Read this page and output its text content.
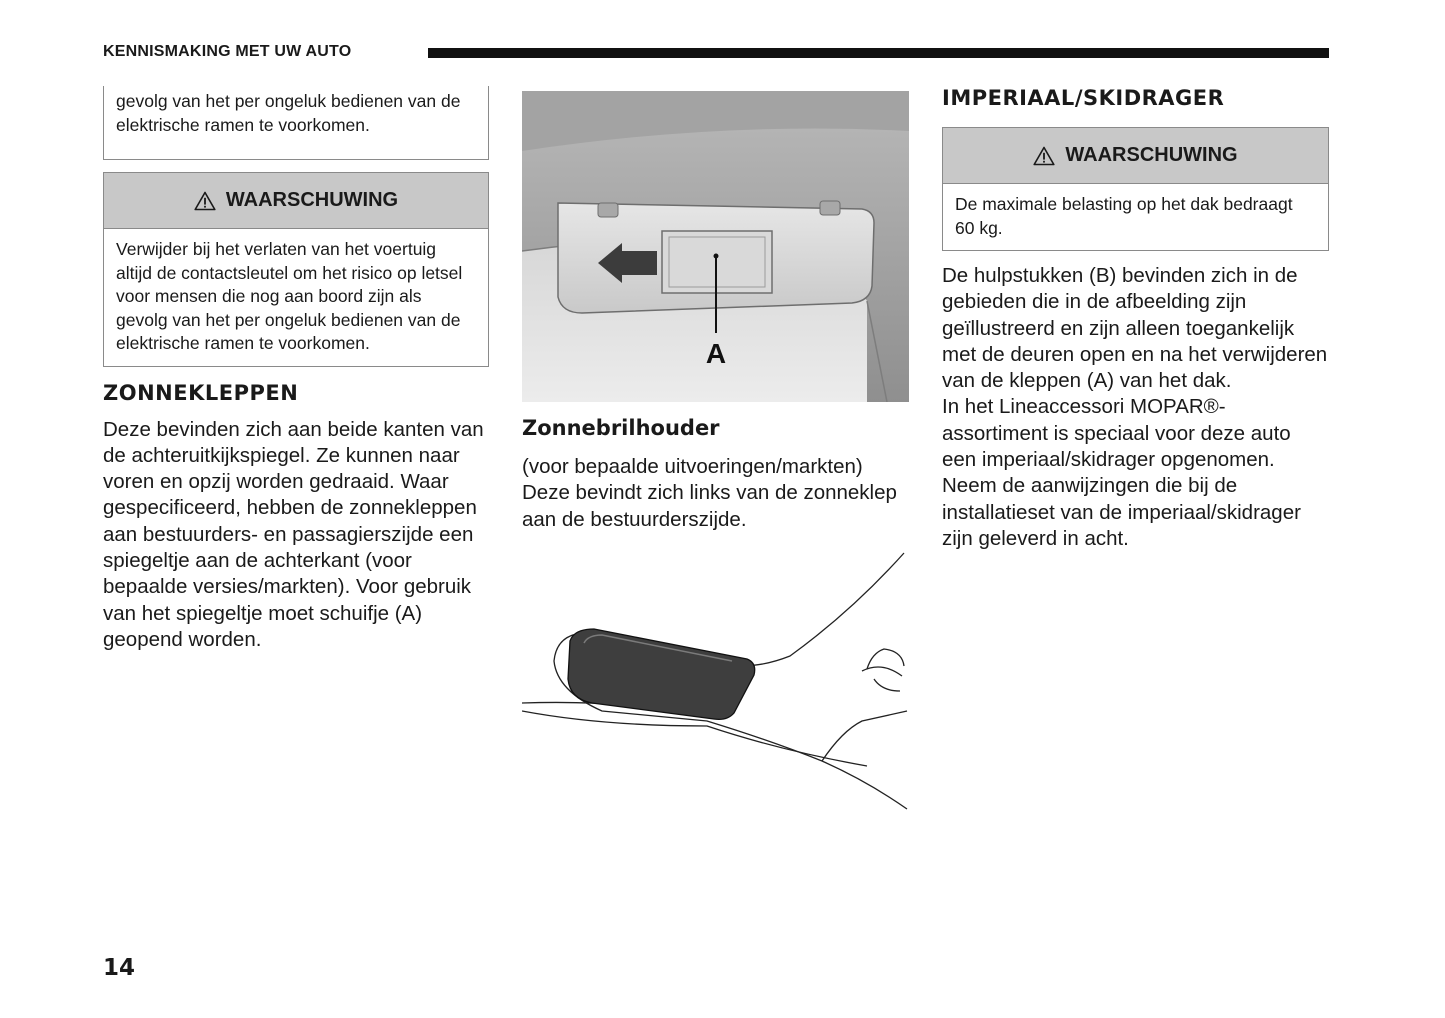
KENNISMAKING MET UW AUTO
gevolg van het per ongeluk bedienen van de elektrische ramen te voorkomen.
WAARSCHUWING
Verwijder bij het verlaten van het voertuig altijd de contactsleutel om het risico op letsel voor mensen die nog aan boord zijn als gevolg van het per ongeluk bedienen van de elektrische ramen te voorkomen.
ZONNEKLEPPEN
Deze bevinden zich aan beide kanten van de achteruitkijkspiegel. Ze kunnen naar voren en opzij worden gedraaid. Waar gespecificeerd, hebben de zonnekleppen aan bestuurders- en passagierszijde een spiegeltje aan de achterkant (voor bepaalde versies/markten). Voor gebruik van het spiegeltje moet schuifje (A) geopend worden.
A
Zonnebrilhouder
(voor bepaalde uitvoeringen/markten)
Deze bevindt zich links van de zonneklep aan de bestuurderszijde.
IMPERIAAL/SKIDRAGER
WAARSCHUWING
De maximale belasting op het dak bedraagt 60 kg.
De hulpstukken (B) bevinden zich in de gebieden die in de afbeelding zijn geïllustreerd en zijn alleen toegankelijk met de deuren open en na het verwijderen van de kleppen (A) van het dak.
In het Lineaccessori MOPAR®-assortiment is speciaal voor deze auto een imperiaal/skidrager opgenomen.
Neem de aanwijzingen die bij de installatieset van de imperiaal/skidrager zijn geleverd in acht.
14
